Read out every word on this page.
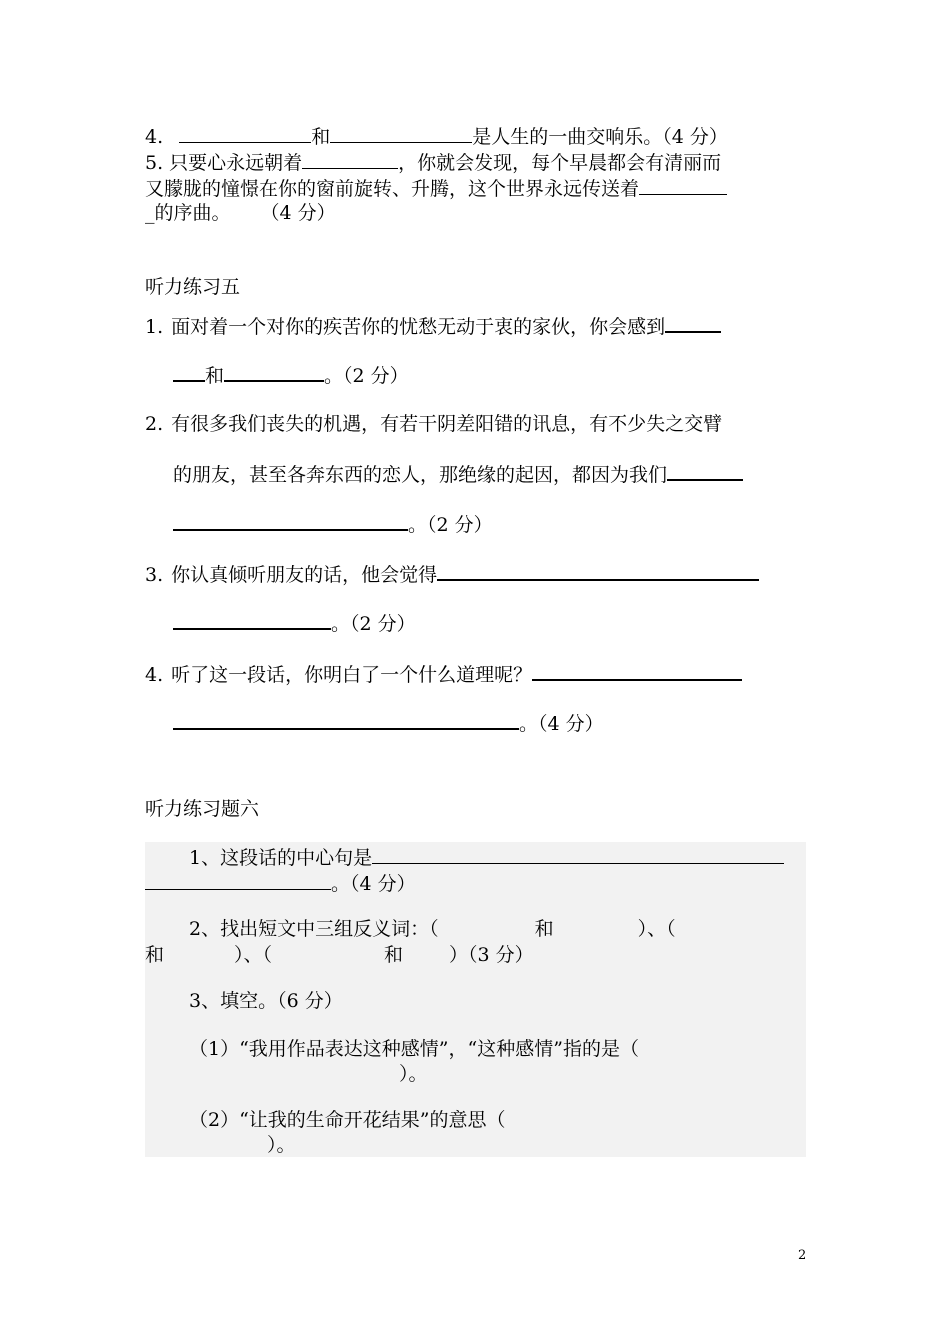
4.	和	是人生的一曲交响乐。（4 分）
5. 只要心永远朝着	，你就会发现，每个早晨都会有清丽而
又朦胧的憧憬在你的窗前旋转、升腾，这个世界永远传送着
_的序曲。 （4 分）
听力练习五
1. 面对着一个对你的疾苦你的忧愁无动于衷的家伙，你会感到
和	。（2 分）
2. 有很多我们丧失的机遇，有若干阴差阳错的讯息，有不少失之交臂
的朋友，甚至各奔东西的恋人，那绝缘的起因，都因为我们
。（2 分）
3. 你认真倾听朋友的话，他会觉得
。（2 分）
4. 听了这一段话，你明白了一个什么道理呢？
。（4 分）
听力练习题六
1、这段话的中心句是
。（4 分）
2、找出短文中三组反义词：（	和	）、（
和	）、（	和 ）（3 分）
3、填空。（6 分）
（1）“我用作品表达这种感情”，“这种感情”指的是（
）。
（2）“让我的生命开花结果”的意思（
）。
2
